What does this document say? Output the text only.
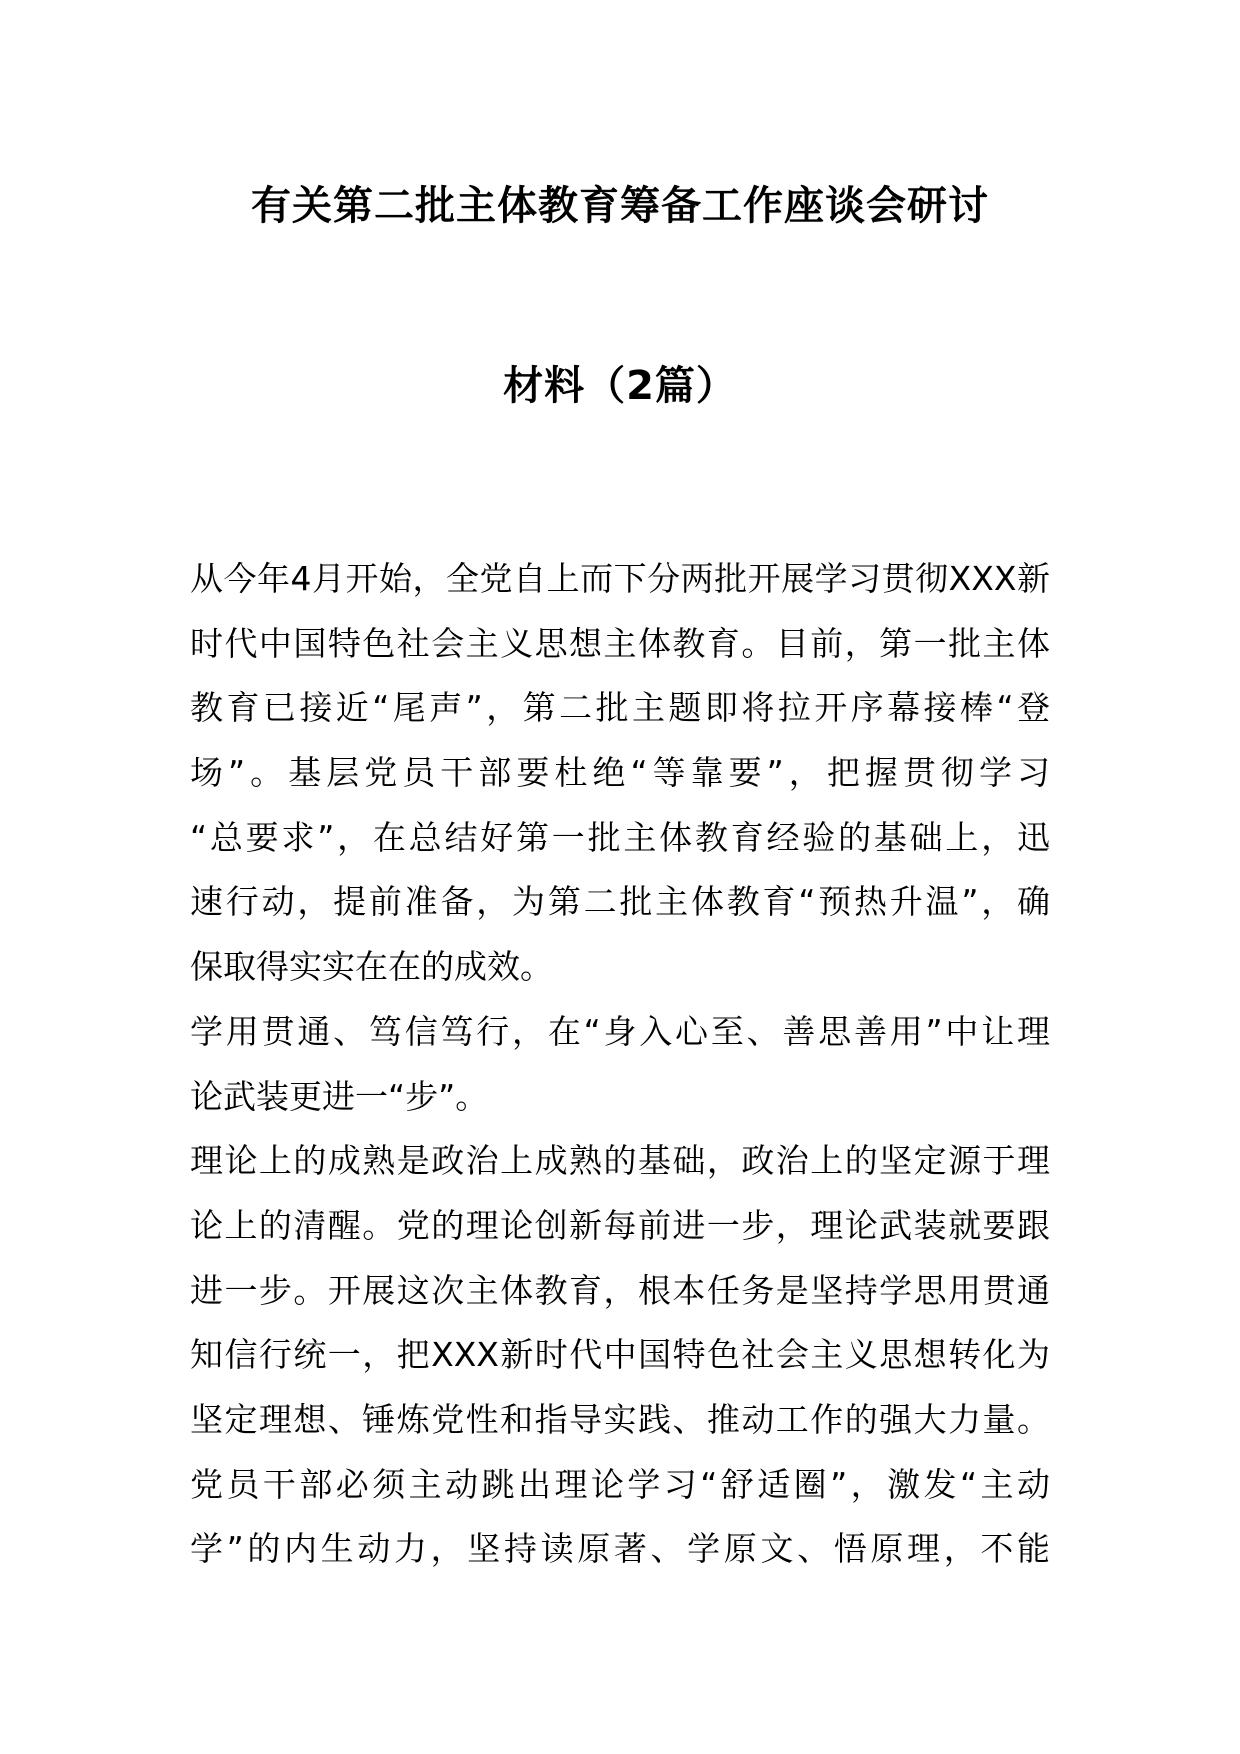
有关第二批主体教育筹备工作座谈会研讨
材料（2篇）
从今年4月开始，全党自上而下分两批开展学习贯彻XXX新
时代中国特色社会主义思想主体教育。目前，第一批主体
教育已接近“尾声”，第二批主题即将拉开序幕接棒“登
场”。基层党员干部要杜绝“等靠要”，把握贯彻学习
“总要求”，在总结好第一批主体教育经验的基础上，迅
速行动，提前准备，为第二批主体教育“预热升温”，确
保取得实实在在的成效。
学用贯通、笃信笃行，在“身入心至、善思善用”中让理
论武装更进一“步”。
理论上的成熟是政治上成熟的基础，政治上的坚定源于理
论上的清醒。党的理论创新每前进一步，理论武装就要跟
进一步。开展这次主体教育，根本任务是坚持学思用贯通
知信行统一，把XXX新时代中国特色社会主义思想转化为
坚定理想、锤炼党性和指导实践、推动工作的强大力量。
党员干部必须主动跳出理论学习“舒适圈”，激发“主动
学”的内生动力，坚持读原著、学原文、悟原理，不能
